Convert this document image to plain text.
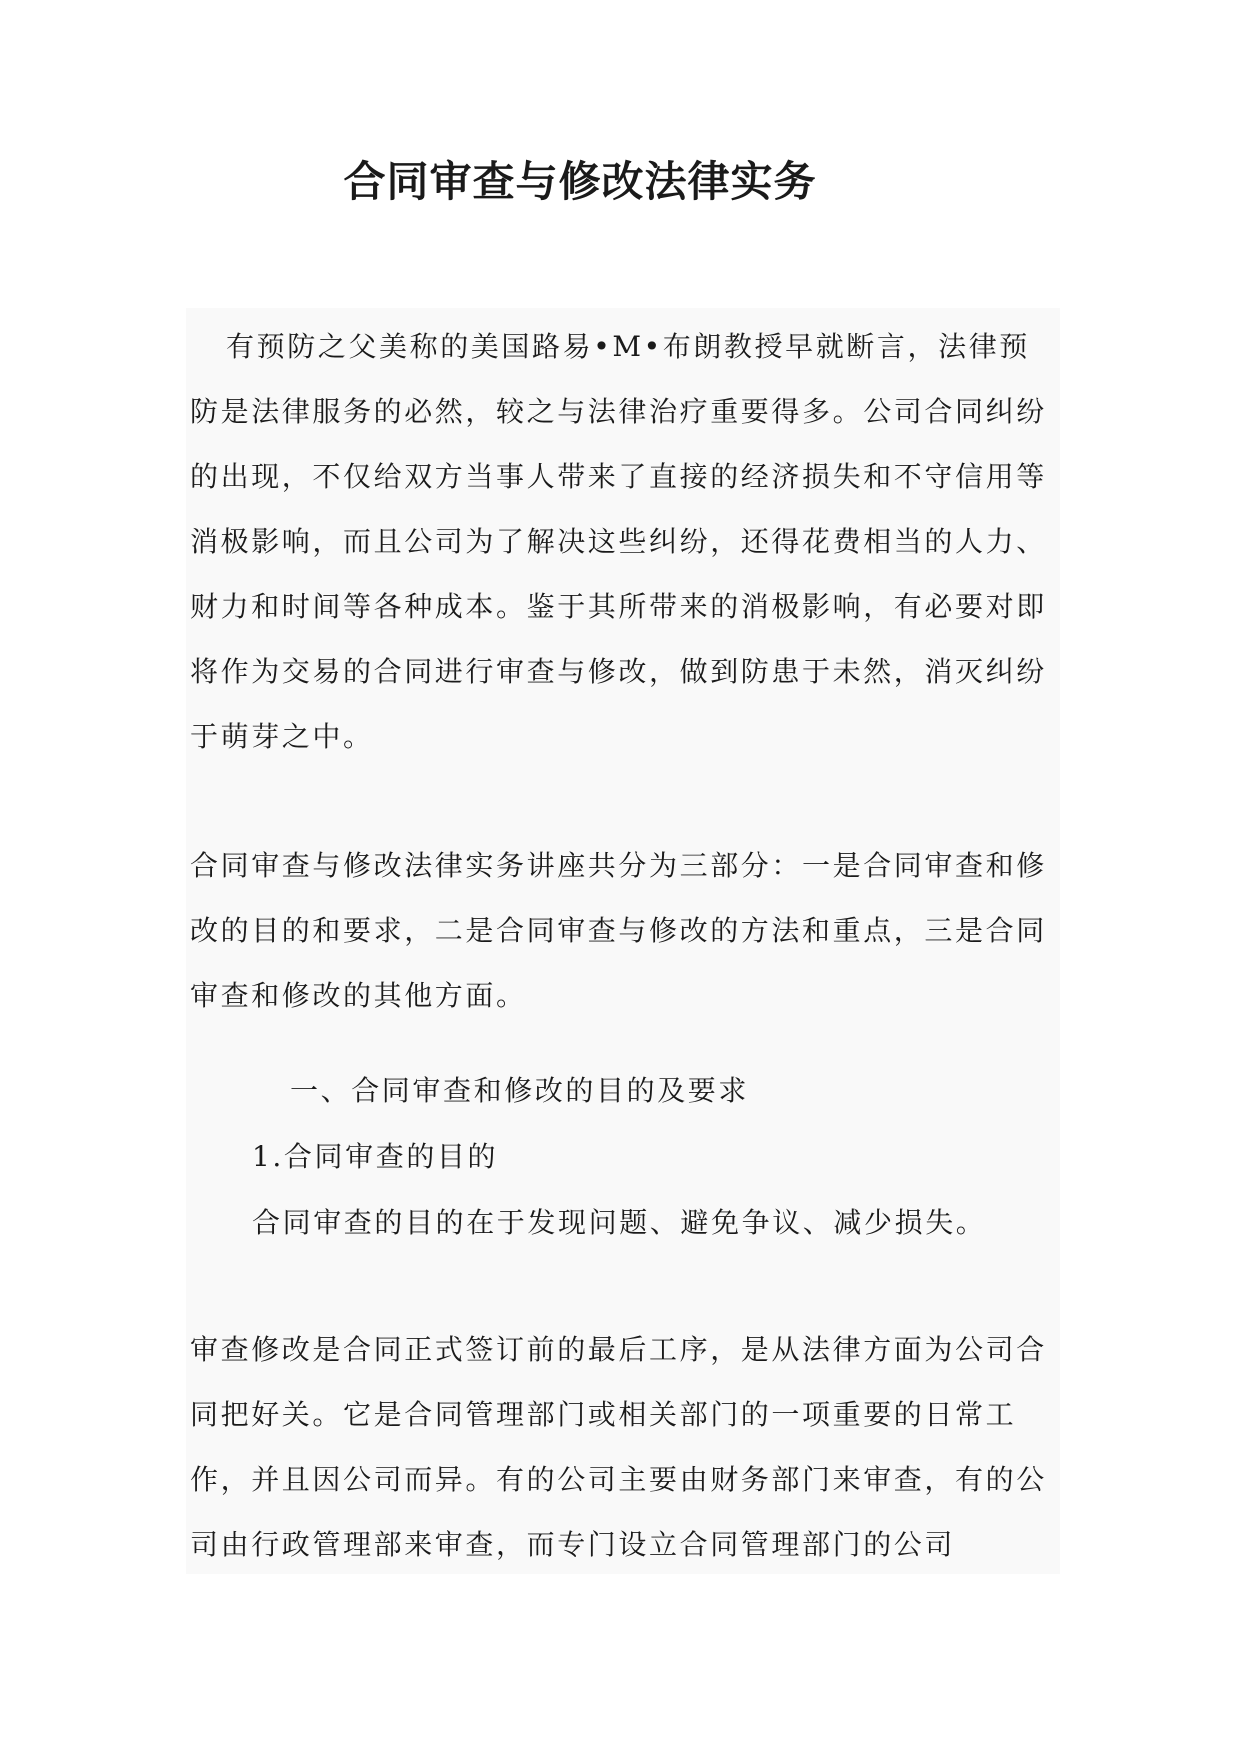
合同审查与修改法律实务

有预防之父美称的美国路易•M•布朗教授早就断言，法律预防是法律服务的必然，较之与法律治疗重要得多。公司合同纠纷的出现，不仅给双方当事人带来了直接的经济损失和不守信用等消极影响，而且公司为了解决这些纠纷，还得花费相当的人力、财力和时间等各种成本。鉴于其所带来的消极影响，有必要对即将作为交易的合同进行审查与修改，做到防患于未然，消灭纠纷于萌芽之中。

合同审查与修改法律实务讲座共分为三部分：一是合同审查和修改的目的和要求，二是合同审查与修改的方法和重点，三是合同审查和修改的其他方面。

一、合同审查和修改的目的及要求

1.合同审查的目的

合同审查的目的在于发现问题、避免争议、减少损失。

审查修改是合同正式签订前的最后工序，是从法律方面为公司合同把好关。它是合同管理部门或相关部门的一项重要的日常工作，并且因公司而异。有的公司主要由财务部门来审查，有的公司由行政管理部来审查，而专门设立合同管理部门的公司
